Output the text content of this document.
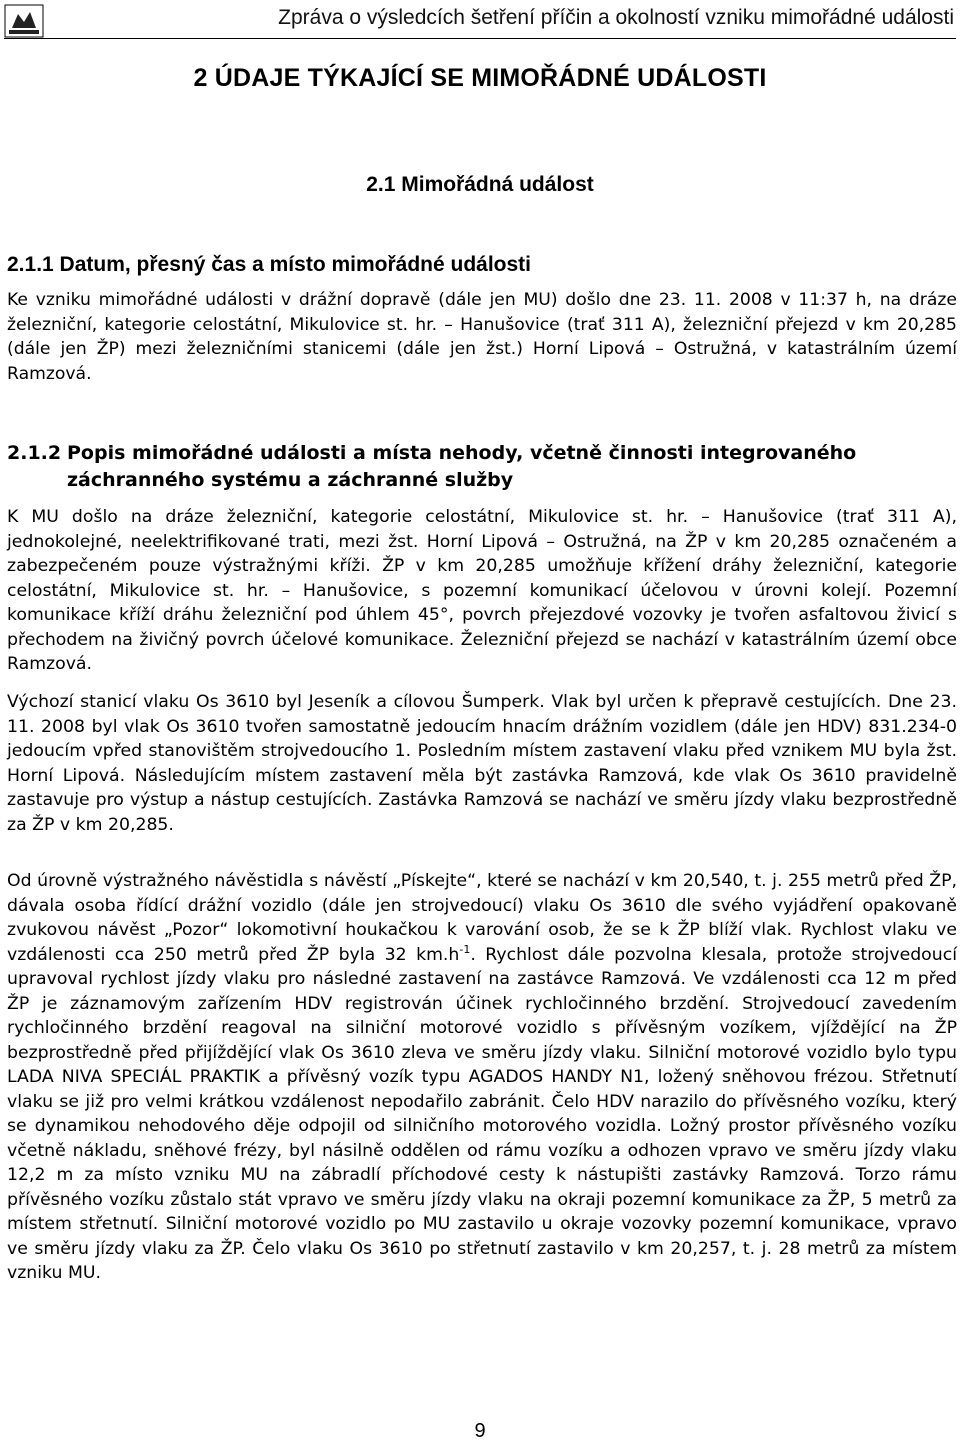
Zpráva o výsledcích šetření příčin a okolností vzniku mimořádné události
2 ÚDAJE TÝKAJÍCÍ SE MIMOŘÁDNÉ UDÁLOSTI
2.1 Mimořádná událost
2.1.1 Datum, přesný čas a místo mimořádné události
Ke vzniku mimořádné události v drážní dopravě (dále jen MU) došlo dne 23. 11. 2008 v 11:37 h, na dráze železniční, kategorie celostátní, Mikulovice st. hr. – Hanušovice (trať 311 A), železniční přejezd v km 20,285 (dále jen ŽP) mezi železničními stanicemi (dále jen žst.) Horní Lipová – Ostružná, v katastrálním území Ramzová.
2.1.2 Popis mimořádné události a místa nehody, včetně činnosti integrovaného záchranného systému a záchranné služby
K MU došlo na dráze železniční, kategorie celostátní, Mikulovice st. hr. – Hanušovice (trať 311 A), jednokolejné, neelektrifikované trati, mezi žst. Horní Lipová – Ostružná, na ŽP v km 20,285 označeném a zabezpečeném pouze výstražnými kříži. ŽP v km 20,285 umožňuje křížení dráhy železniční, kategorie celostátní, Mikulovice st. hr. – Hanušovice, s pozemní komunikací účelovou v úrovni kolejí. Pozemní komunikace kříží dráhu železniční pod úhlem 45°, povrch přejezdové vozovky je tvořen asfaltovou živicí s přechodem na živičný povrch účelové komunikace. Železniční přejezd se nachází v katastrálním území obce Ramzová.
Výchozí stanicí vlaku Os 3610 byl Jeseník a cílovou Šumperk. Vlak byl určen k přepravě cestujících. Dne 23. 11. 2008 byl vlak Os 3610 tvořen samostatně jedoucím hnacím drážním vozidlem (dále jen HDV) 831.234-0 jedoucím vpřed stanovištěm strojvedoucího 1. Posledním místem zastavení vlaku před vznikem MU byla žst. Horní Lipová. Následujícím místem zastavení měla být zastávka Ramzová, kde vlak Os 3610 pravidelně zastavuje pro výstup a nástup cestujících. Zastávka Ramzová se nachází ve směru jízdy vlaku bezprostředně za ŽP v km 20,285.
Od úrovně výstražného návěstidla s návěstí „Pískejte“, které se nachází v km 20,540, t. j. 255 metrů před ŽP, dávala osoba řídící drážní vozidlo (dále jen strojvedoucí) vlaku Os 3610 dle svého vyjádření opakovaně zvukovou návěst „Pozor“ lokomotivní houkačkou k varování osob, že se k ŽP blíží vlak. Rychlost vlaku ve vzdálenosti cca 250 metrů před ŽP byla 32 $km.h^{-1}$. Rychlost dále pozvolna klesala, protože strojvedoucí upravoval rychlost jízdy vlaku pro následné zastavení na zastávce Ramzová. Ve vzdálenosti cca 12 m před ŽP je záznamovým zařízením HDV registrován účinek rychločinného brzdění. Strojvedoucí zavedením rychločinného brzdění reagoval na silniční motorové vozidlo s přívěsným vozíkem, vjíždějící na ŽP bezprostředně před přijíždějící vlak Os 3610 zleva ve směru jízdy vlaku. Silniční motorové vozidlo bylo typu LADA NIVA SPECIÁL PRAKTIK a přívěsný vozík typu AGADOS HANDY N1, ložený sněhovou frézou. Střetnutí vlaku se již pro velmi krátkou vzdálenost nepodařilo zabránit. Čelo HDV narazilo do přívěsného vozíku, který se dynamikou nehodového děje odpojil od silničního motorového vozidla. Ložný prostor přívěsného vozíku včetně nákladu, sněhové frézy, byl násilně oddělen od rámu vozíku a odhozen vpravo ve směru jízdy vlaku 12,2 m za místo vzniku MU na zábradlí příchodové cesty k nástupišti zastávky Ramzová. Torzo rámu přívěsného vozíku zůstalo stát vpravo ve směru jízdy vlaku na okraji pozemní komunikace za ŽP, 5 metrů za místem střetnutí. Silniční motorové vozidlo po MU zastavilo u okraje vozovky pozemní komunikace, vpravo ve směru jízdy vlaku za ŽP. Čelo vlaku Os 3610 po střetnutí zastavilo v km 20,257, t. j. 28 metrů za místem vzniku MU.
9
